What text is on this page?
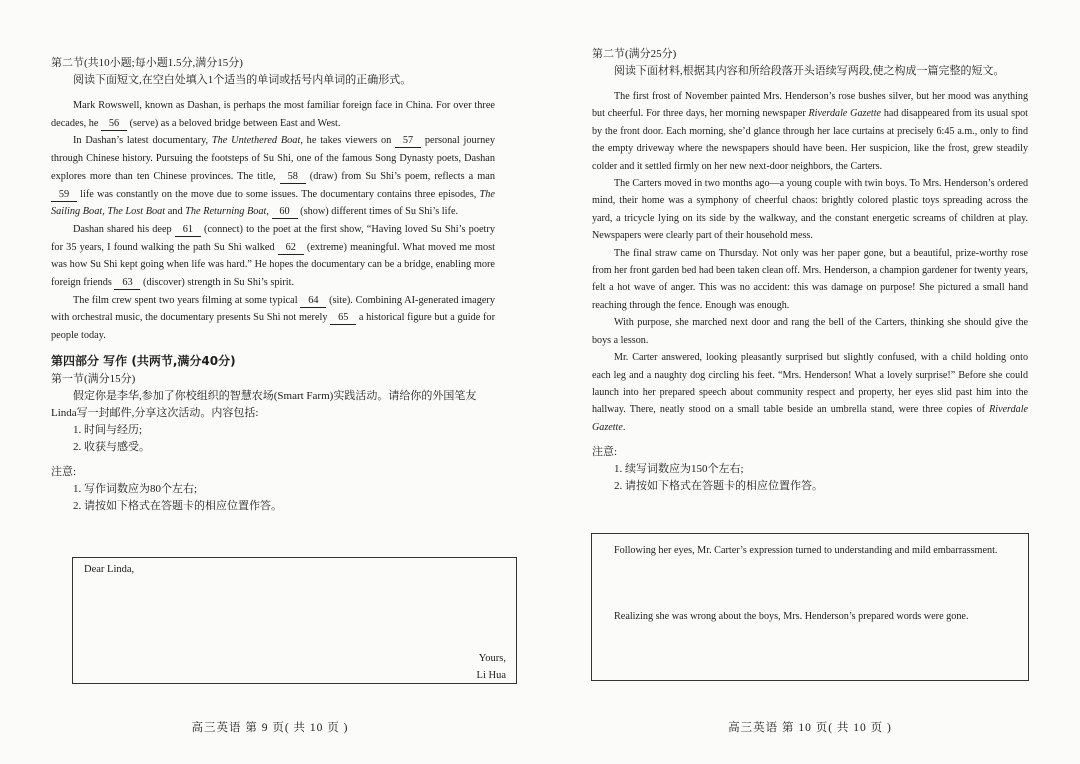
第二节(共10小题;每小题1.5分,满分15分)

阅读下面短文,在空白处填入1个适当的单词或括号内单词的正确形式。

Mark Rowswell, known as Dashan, is perhaps the most familiar foreign face in China. For over three decades, he 56 (serve) as a beloved bridge between East and West.

In Dashan’s latest documentary, The Untethered Boat, he takes viewers on 57 personal journey through Chinese history. Pursuing the footsteps of Su Shi, one of the famous Song Dynasty poets, Dashan explores more than ten Chinese provinces. The title, 58 (draw) from Su Shi’s poem, reflects a man 59 life was constantly on the move due to some issues. The documentary contains three episodes, The Sailing Boat, The Lost Boat and The Returning Boat, 60 (show) different times of Su Shi’s life.

Dashan shared his deep 61 (connect) to the poet at the first show, “Having loved Su Shi’s poetry for 35 years, I found walking the path Su Shi walked 62 (extreme) meaningful. What moved me most was how Su Shi kept going when life was hard.” He hopes the documentary can be a bridge, enabling more foreign friends 63 (discover) strength in Su Shi’s spirit.

The film crew spent two years filming at some typical 64 (site). Combining AI-generated imagery with orchestral music, the documentary presents Su Shi not merely 65 a historical figure but a guide for people today.

第四部分 写作 (共两节,满分40分)

第一节(满分15分)

假定你是李华,参加了你校组织的智慧农场(Smart Farm)实践活动。请给你的外国笔友Linda写一封邮件,分享这次活动。内容包括:

1. 时间与经历;

2. 收获与感受。

注意:

1. 写作词数应为80个左右;

2. 请按如下格式在答题卡的相应位置作答。

Dear Linda,
Yours,
Li Hua
高三英语 第 9 页( 共 10 页 )

第二节(满分25分)

阅读下面材料,根据其内容和所给段落开头语续写两段,使之构成一篇完整的短文。

The first frost of November painted Mrs. Henderson’s rose bushes silver, but her mood was anything but cheerful. For three days, her morning newspaper Riverdale Gazette had disappeared from its usual spot by the front door. Each morning, she’d glance through her lace curtains at precisely 6:45 a.m., only to find the empty driveway where the newspapers should have been. Her suspicion, like the frost, grew steadily colder and it settled firmly on her new next-door neighbors, the Carters.

The Carters moved in two months ago—a young couple with twin boys. To Mrs. Henderson’s ordered mind, their home was a symphony of cheerful chaos: brightly colored plastic toys spreading across the yard, a tricycle lying on its side by the walkway, and the constant energetic screams of children at play. Newspapers were clearly part of their household mess.

The final straw came on Thursday. Not only was her paper gone, but a beautiful, prize-worthy rose from her front garden bed had been taken clean off. Mrs. Henderson, a champion gardener for twenty years, felt a hot wave of anger. This was no accident: this was damage on purpose! She pictured a small hand reaching through the fence. Enough was enough.

With purpose, she marched next door and rang the bell of the Carters, thinking she should give the boys a lesson.

Mr. Carter answered, looking pleasantly surprised but slightly confused, with a child holding onto each leg and a naughty dog circling his feet. “Mrs. Henderson! What a lovely surprise!” Before she could launch into her prepared speech about community respect and property, her eyes slid past him into the hallway. There, neatly stood on a small table beside an umbrella stand, were three copies of Riverdale Gazette.

注意:

1. 续写词数应为150个左右;

2. 请按如下格式在答题卡的相应位置作答。

Following her eyes, Mr. Carter’s expression turned to understanding and mild embarrassment.
Realizing she was wrong about the boys, Mrs. Henderson’s prepared words were gone.
高三英语 第 10 页( 共 10 页 )
